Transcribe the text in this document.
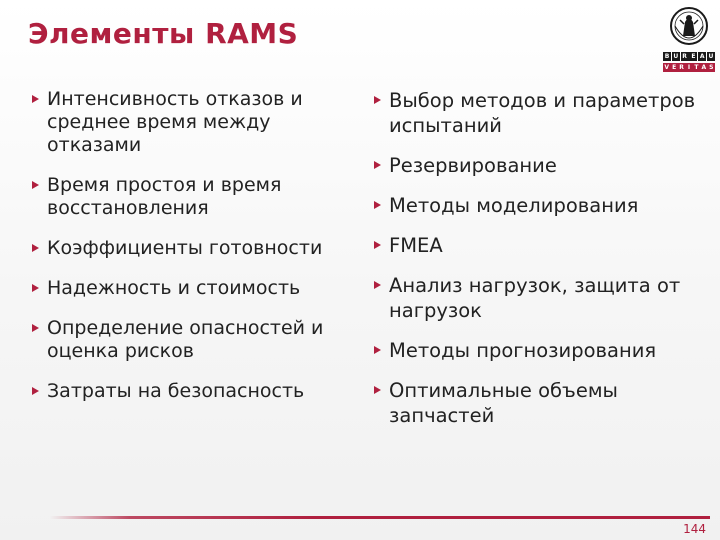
Элементы RAMS
B U R E A U
V E R I T A S
Интенсивность отказов и среднее время между отказами
Время простоя и время восстановления
Коэффициенты готовности
Надежность и стоимость
Определение опасностей и оценка рисков
Затраты на безопасность
Выбор методов и параметров испытаний
Резервирование
Методы моделирования
FMEA
Анализ нагрузок, защита от нагрузок
Методы прогнозирования
Оптимальные объемы запчастей
144
